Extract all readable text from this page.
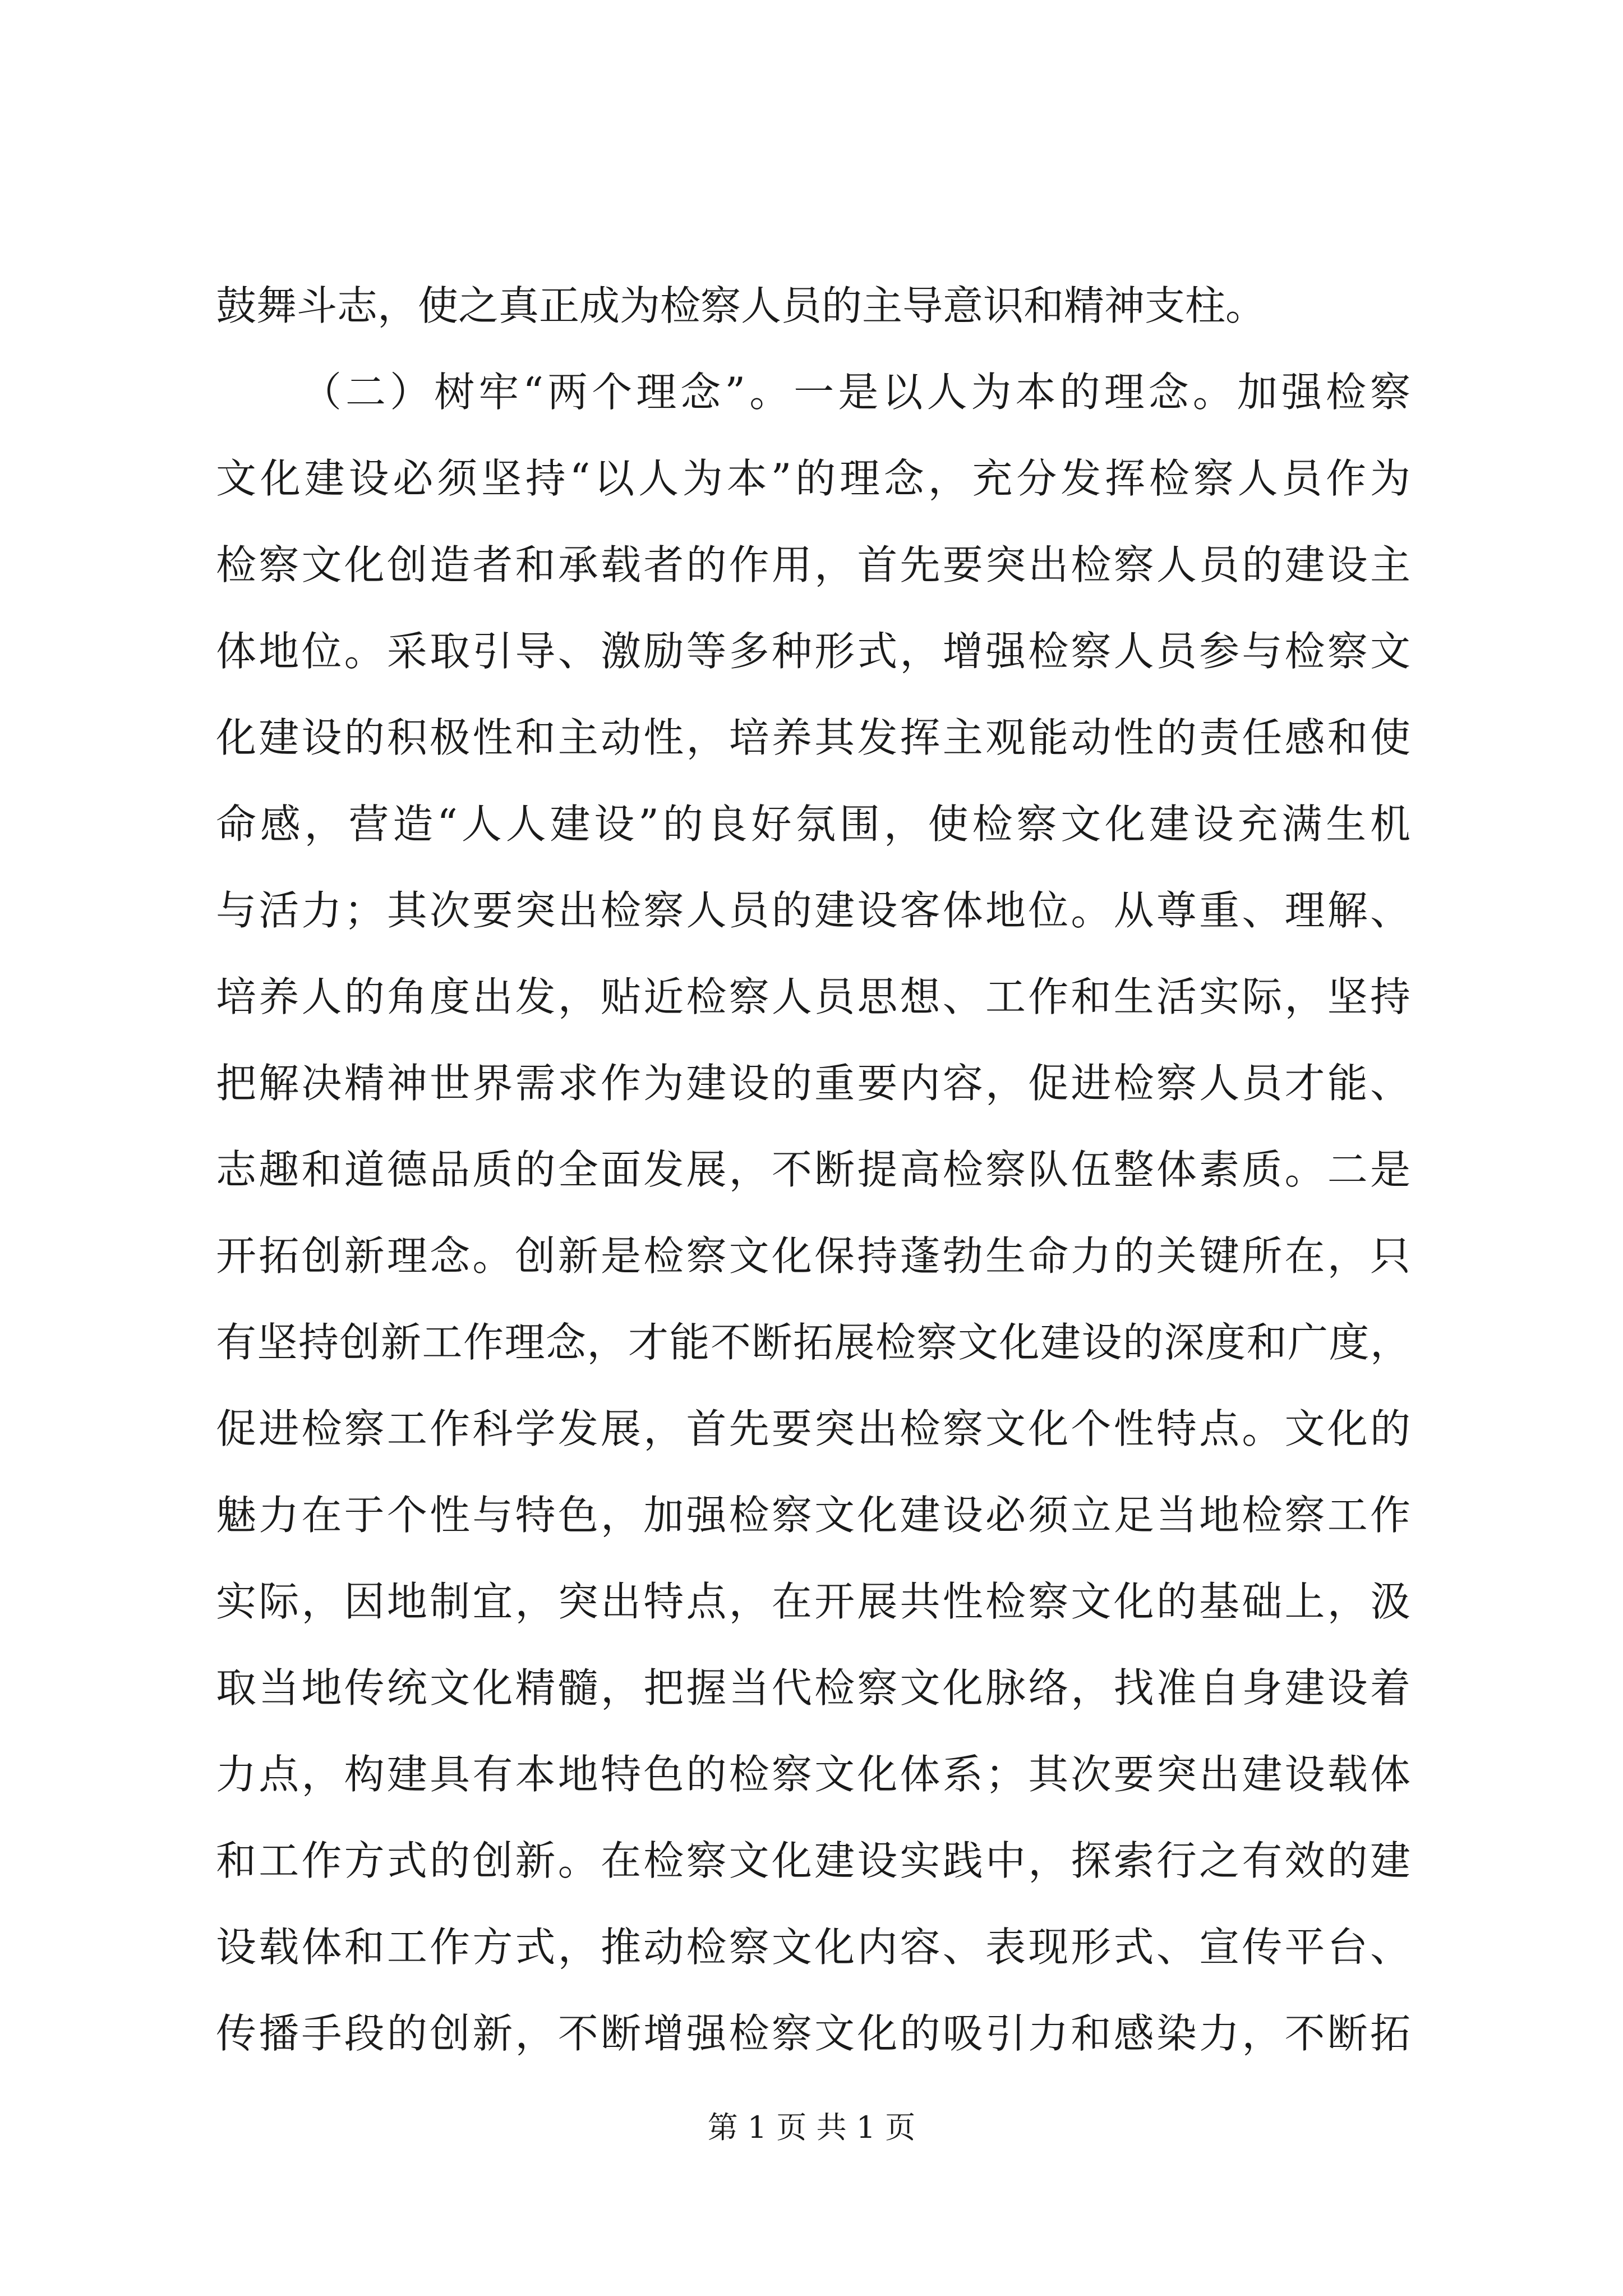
鼓舞斗志，使之真正成为检察人员的主导意识和精神支柱。
（二）树牢“两个理念”。一是以人为本的理念。加强检察
文化建设必须坚持“以人为本”的理念，充分发挥检察人员作为
检察文化创造者和承载者的作用，首先要突出检察人员的建设主
体地位。采取引导、激励等多种形式，增强检察人员参与检察文
化建设的积极性和主动性，培养其发挥主观能动性的责任感和使
命感，营造“人人建设”的良好氛围，使检察文化建设充满生机
与活力；其次要突出检察人员的建设客体地位。从尊重、理解、
培养人的角度出发，贴近检察人员思想、工作和生活实际，坚持
把解决精神世界需求作为建设的重要内容，促进检察人员才能、
志趣和道德品质的全面发展，不断提高检察队伍整体素质。二是
开拓创新理念。创新是检察文化保持蓬勃生命力的关键所在，只
有坚持创新工作理念，才能不断拓展检察文化建设的深度和广度，
促进检察工作科学发展，首先要突出检察文化个性特点。文化的
魅力在于个性与特色，加强检察文化建设必须立足当地检察工作
实际，因地制宜，突出特点，在开展共性检察文化的基础上，汲
取当地传统文化精髓，把握当代检察文化脉络，找准自身建设着
力点，构建具有本地特色的检察文化体系；其次要突出建设载体
和工作方式的创新。在检察文化建设实践中，探索行之有效的建
设载体和工作方式，推动检察文化内容、表现形式、宣传平台、
传播手段的创新，不断增强检察文化的吸引力和感染力，不断拓
第 1 页 共 1 页
